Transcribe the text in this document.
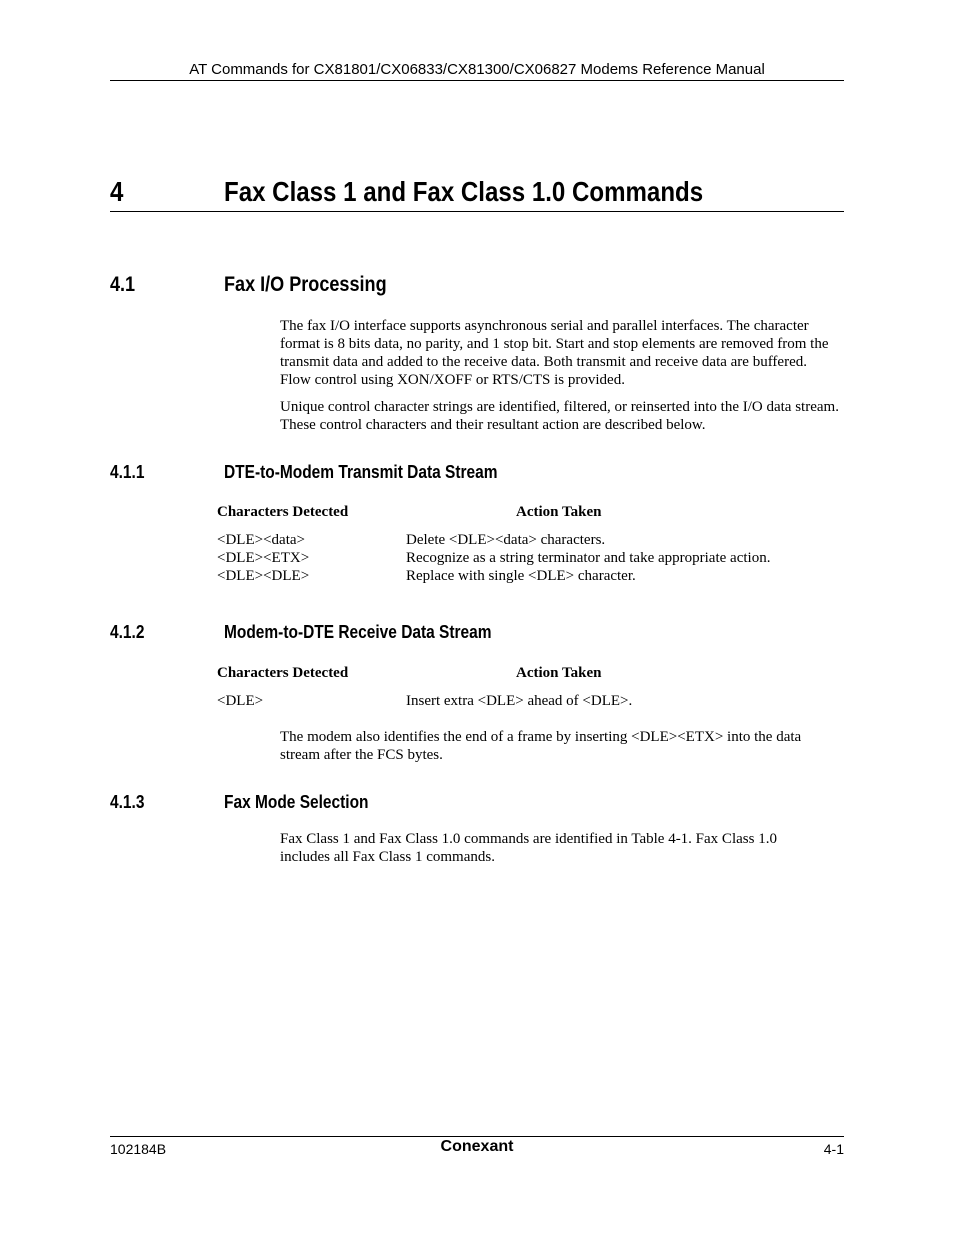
AT Commands for CX81801/CX06833/CX81300/CX06827 Modems Reference Manual
4	Fax Class 1 and Fax Class 1.0 Commands
4.1	Fax I/O Processing
The fax I/O interface supports asynchronous serial and parallel interfaces. The character format is 8 bits data, no parity, and 1 stop bit. Start and stop elements are removed from the transmit data and added to the receive data. Both transmit and receive data are buffered. Flow control using XON/XOFF or RTS/CTS is provided.
Unique control character strings are identified, filtered, or reinserted into the I/O data stream. These control characters and their resultant action are described below.
4.1.1	DTE-to-Modem Transmit Data Stream
Characters Detected	Action Taken
<DLE><data>	Delete <DLE><data> characters.
<DLE><ETX>	Recognize as a string terminator and take appropriate action.
<DLE><DLE>	Replace with single <DLE> character.
4.1.2	Modem-to-DTE Receive Data Stream
Characters Detected	Action Taken
<DLE>	Insert extra <DLE> ahead of <DLE>.
The modem also identifies the end of a frame by inserting <DLE><ETX> into the data stream after the FCS bytes.
4.1.3	Fax Mode Selection
Fax Class 1 and Fax Class 1.0 commands are identified in Table 4-1. Fax Class 1.0 includes all Fax Class 1 commands.
102184B	Conexant	4-1
